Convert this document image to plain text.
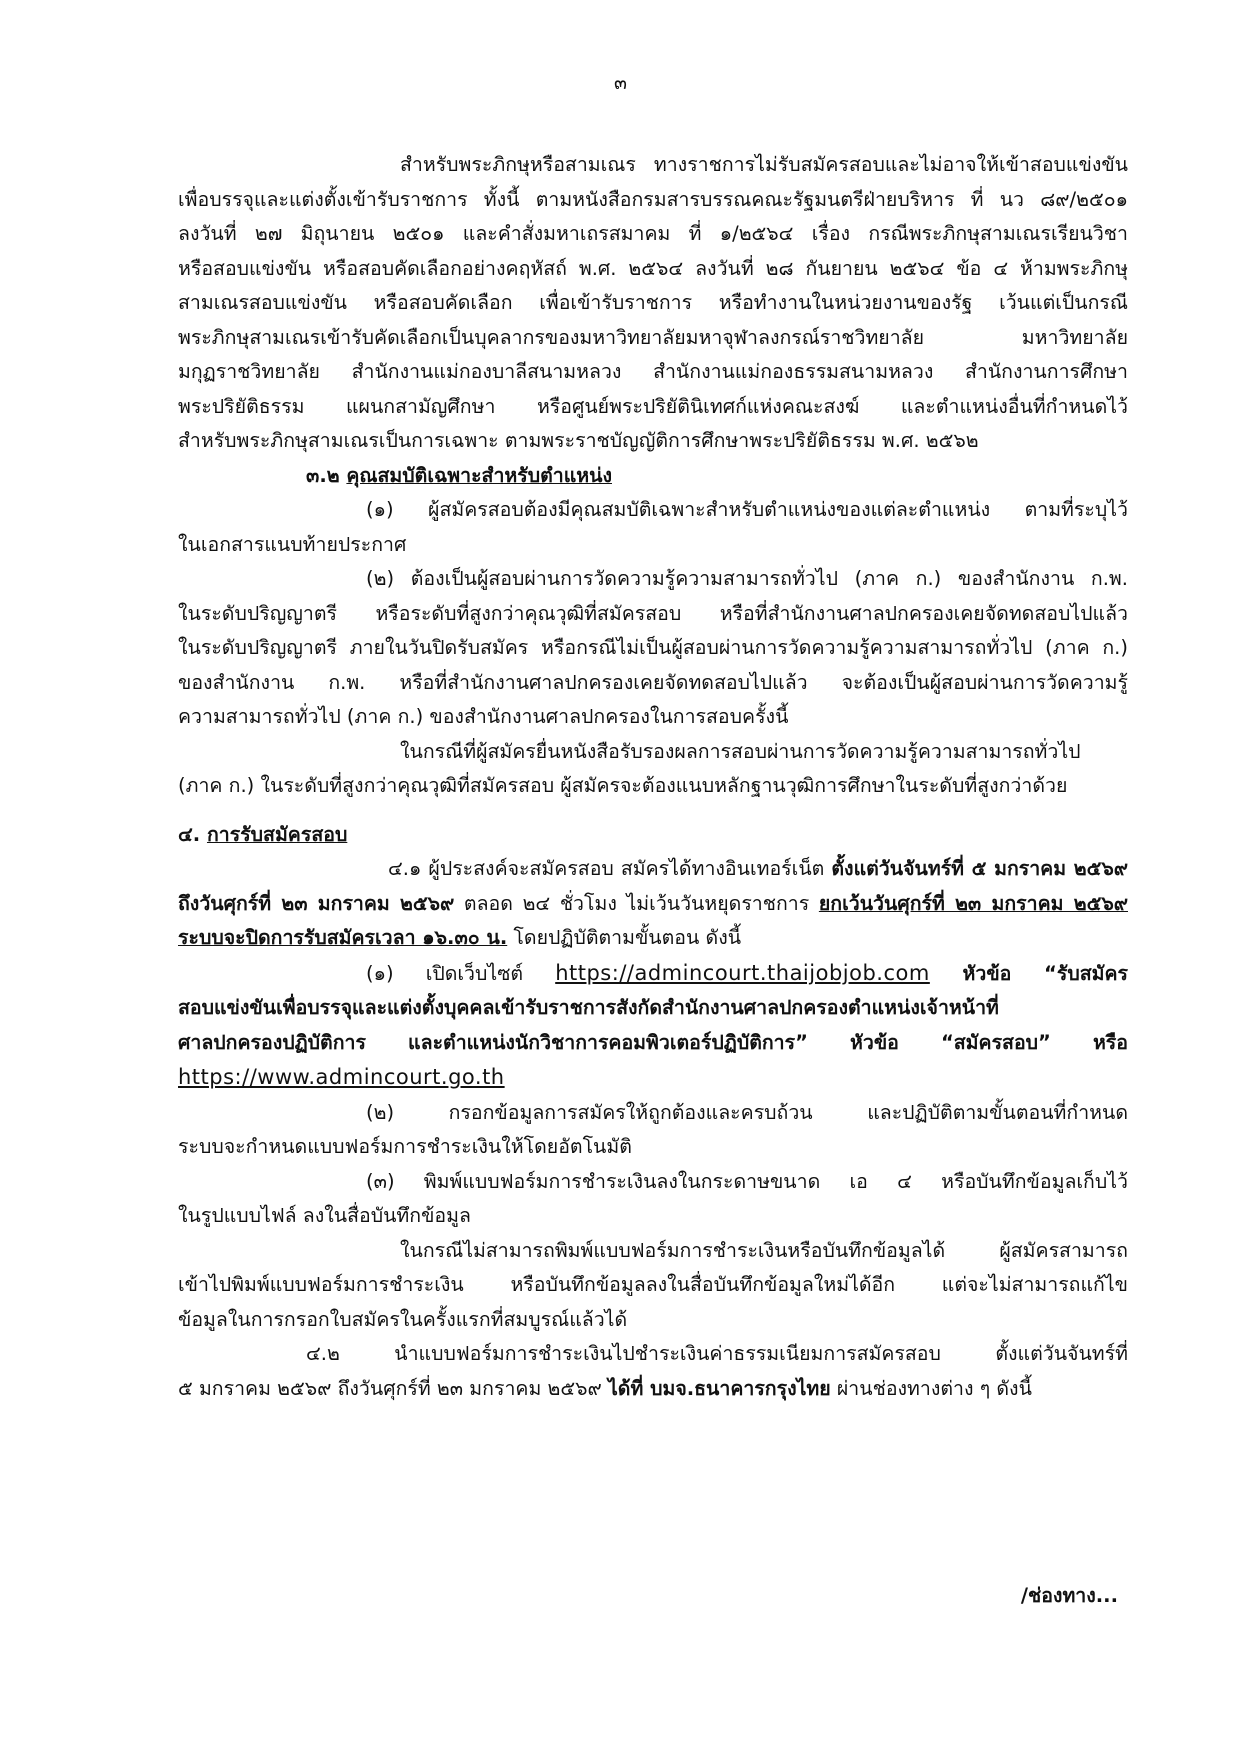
๓

สำหรับพระภิกษุหรือสามเณร ทางราชการไม่รับสมัครสอบและไม่อาจให้เข้าสอบแข่งขัน

เพื่อบรรจุและแต่งตั้งเข้ารับราชการ ทั้งนี้ ตามหนังสือกรมสารบรรณคณะรัฐมนตรีฝ่ายบริหาร ที่ นว ๘๙/๒๕๐๑

ลงวันที่ ๒๗ มิถุนายน ๒๕๐๑ และคำสั่งมหาเถรสมาคม ที่ ๑/๒๕๖๔ เรื่อง กรณีพระภิกษุสามเณรเรียนวิชา

หรือสอบแข่งขัน หรือสอบคัดเลือกอย่างคฤหัสถ์ พ.ศ. ๒๕๖๔ ลงวันที่ ๒๘ กันยายน ๒๕๖๔ ข้อ ๔ ห้ามพระภิกษุ

สามเณรสอบแข่งขัน หรือสอบคัดเลือก เพื่อเข้ารับราชการ หรือทำงานในหน่วยงานของรัฐ เว้นแต่เป็นกรณี

พระภิกษุสามเณรเข้ารับคัดเลือกเป็นบุคลากรของมหาวิทยาลัยมหาจุฬาลงกรณ์ราชวิทยาลัย มหาวิทยาลัย

มกุฏราชวิทยาลัย สำนักงานแม่กองบาลีสนามหลวง สำนักงานแม่กองธรรมสนามหลวง สำนักงานการศึกษา

พระปริยัติธรรม แผนกสามัญศึกษา หรือศูนย์พระปริยัตินิเทศก์แห่งคณะสงฆ์ และตำแหน่งอื่นที่กำหนดไว้

สำหรับพระภิกษุสามเณรเป็นการเฉพาะ ตามพระราชบัญญัติการศึกษาพระปริยัติธรรม พ.ศ. ๒๕๖๒

๓.๒ คุณสมบัติเฉพาะสำหรับตำแหน่ง

(๑) ผู้สมัครสอบต้องมีคุณสมบัติเฉพาะสำหรับตำแหน่งของแต่ละตำแหน่ง ตามที่ระบุไว้

ในเอกสารแนบท้ายประกาศ

(๒) ต้องเป็นผู้สอบผ่านการวัดความรู้ความสามารถทั่วไป (ภาค ก.) ของสำนักงาน ก.พ.

ในระดับปริญญาตรี หรือระดับที่สูงกว่าคุณวุฒิที่สมัครสอบ หรือที่สำนักงานศาลปกครองเคยจัดทดสอบไปแล้ว

ในระดับปริญญาตรี ภายในวันปิดรับสมัคร หรือกรณีไม่เป็นผู้สอบผ่านการวัดความรู้ความสามารถทั่วไป (ภาค ก.)

ของสำนักงาน ก.พ. หรือที่สำนักงานศาลปกครองเคยจัดทดสอบไปแล้ว จะต้องเป็นผู้สอบผ่านการวัดความรู้

ความสามารถทั่วไป (ภาค ก.) ของสำนักงานศาลปกครองในการสอบครั้งนี้

ในกรณีที่ผู้สมัครยื่นหนังสือรับรองผลการสอบผ่านการวัดความรู้ความสามารถทั่วไป

(ภาค ก.) ในระดับที่สูงกว่าคุณวุฒิที่สมัครสอบ ผู้สมัครจะต้องแนบหลักฐานวุฒิการศึกษาในระดับที่สูงกว่าด้วย

๔. การรับสมัครสอบ

๔.๑ ผู้ประสงค์จะสมัครสอบ สมัครได้ทางอินเทอร์เน็ต ตั้งแต่วันจันทร์ที่ ๕ มกราคม ๒๕๖๙

ถึงวันศุกร์ที่ ๒๓ มกราคม ๒๕๖๙ ตลอด ๒๔ ชั่วโมง ไม่เว้นวันหยุดราชการ ยกเว้นวันศุกร์ที่ ๒๓ มกราคม ๒๕๖๙

ระบบจะปิดการรับสมัครเวลา ๑๖.๓๐ น. โดยปฏิบัติตามขั้นตอน ดังนี้

(๑) เปิดเว็บไซต์ https://admincourt.thaijobjob.com หัวข้อ “รับสมัคร

สอบแข่งขันเพื่อบรรจุและแต่งตั้งบุคคลเข้ารับราชการสังกัดสำนักงานศาลปกครองตำแหน่งเจ้าหน้าที่

ศาลปกครองปฏิบัติการ และตำแหน่งนักวิชาการคอมพิวเตอร์ปฏิบัติการ” หัวข้อ “สมัครสอบ” หรือ

https://www.admincourt.go.th

(๒) กรอกข้อมูลการสมัครให้ถูกต้องและครบถ้วน และปฏิบัติตามขั้นตอนที่กำหนด

ระบบจะกำหนดแบบฟอร์มการชำระเงินให้โดยอัตโนมัติ

(๓) พิมพ์แบบฟอร์มการชำระเงินลงในกระดาษขนาด เอ ๔ หรือบันทึกข้อมูลเก็บไว้

ในรูปแบบไฟล์ ลงในสื่อบันทึกข้อมูล

ในกรณีไม่สามารถพิมพ์แบบฟอร์มการชำระเงินหรือบันทึกข้อมูลได้ ผู้สมัครสามารถ

เข้าไปพิมพ์แบบฟอร์มการชำระเงิน หรือบันทึกข้อมูลลงในสื่อบันทึกข้อมูลใหม่ได้อีก แต่จะไม่สามารถแก้ไข

ข้อมูลในการกรอกใบสมัครในครั้งแรกที่สมบูรณ์แล้วได้

๔.๒ นำแบบฟอร์มการชำระเงินไปชำระเงินค่าธรรมเนียมการสมัครสอบ ตั้งแต่วันจันทร์ที่

๕ มกราคม ๒๕๖๙ ถึงวันศุกร์ที่ ๒๓ มกราคม ๒๕๖๙ ได้ที่ บมจ.ธนาคารกรุงไทย ผ่านช่องทางต่าง ๆ ดังนี้

/ช่องทาง...
